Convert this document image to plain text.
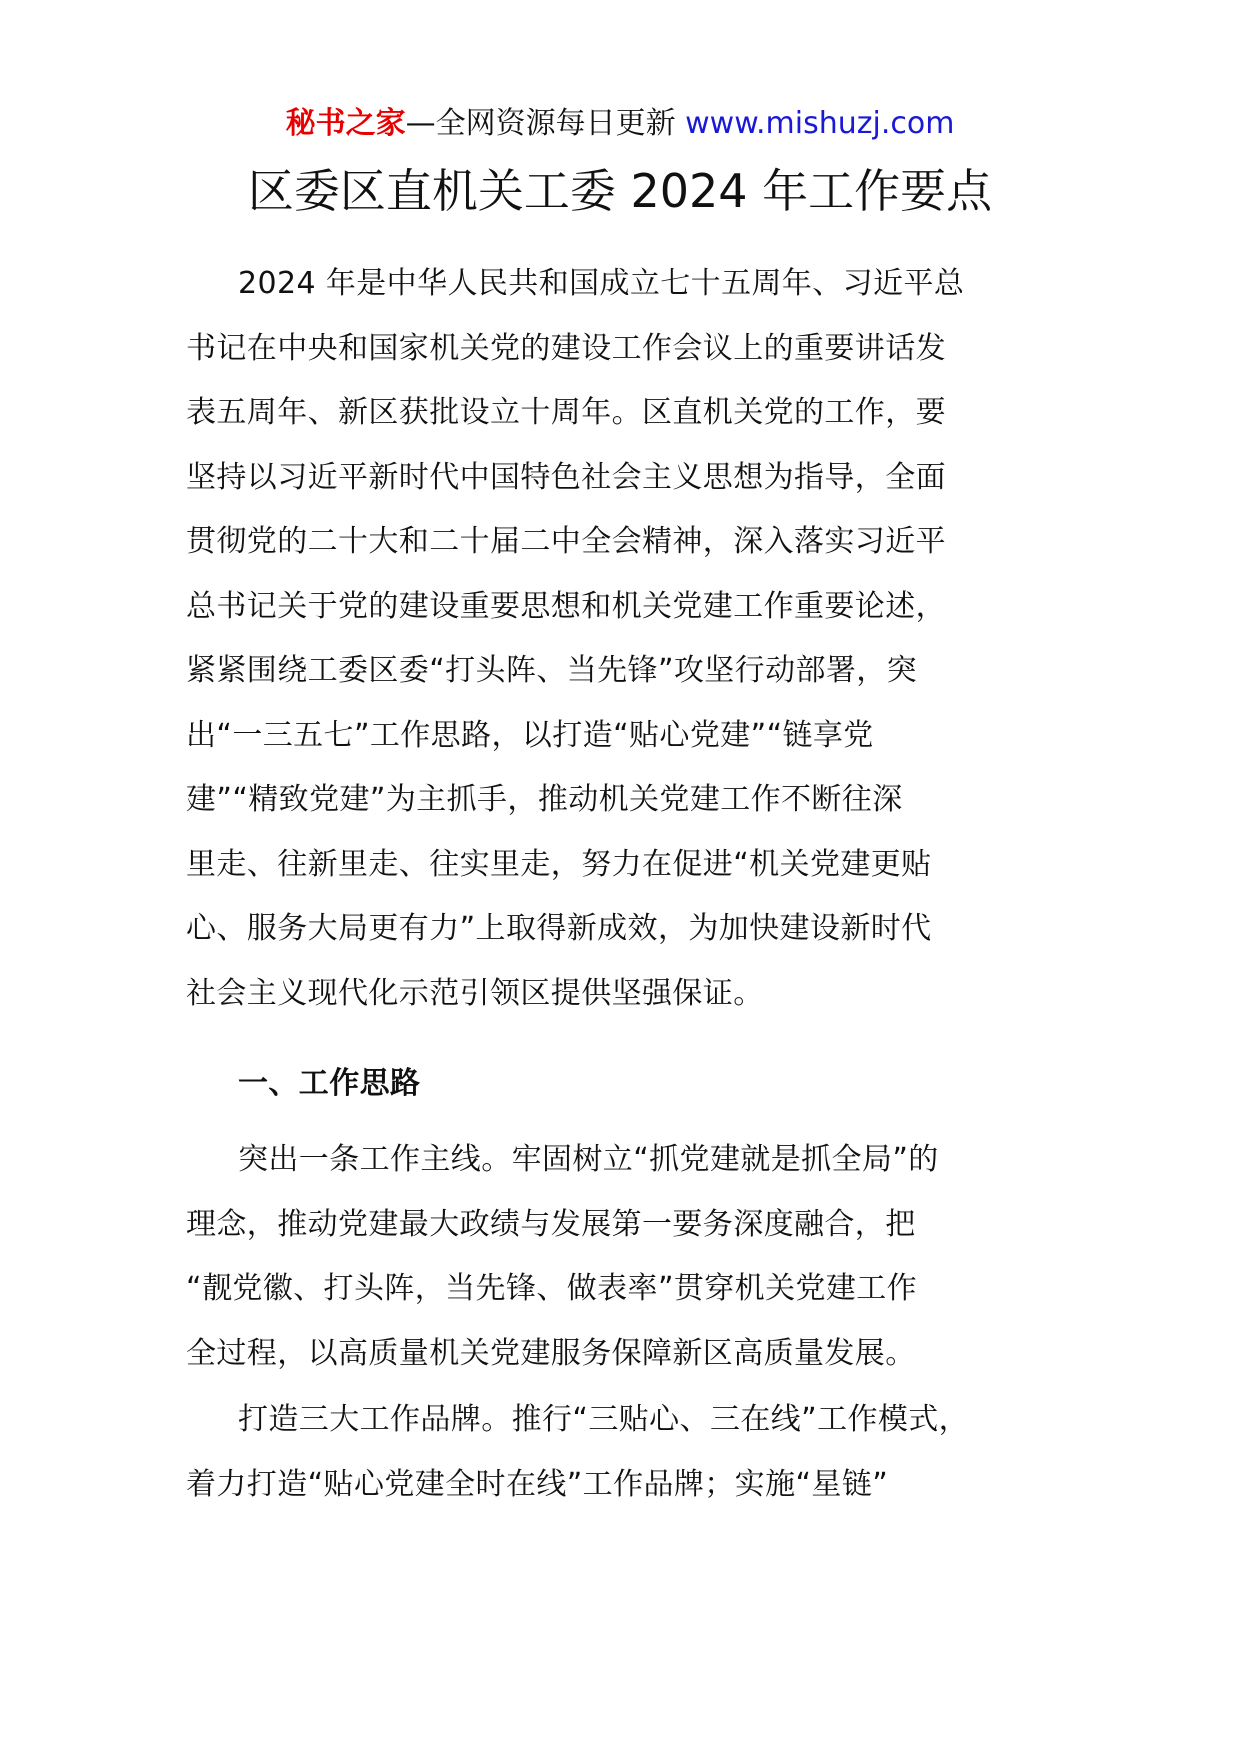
秘书之家—全网资源每日更新 www.mishuzj.com
区委区直机关工委 2024 年工作要点

2024 年是中华人民共和国成立七十五周年、习近平总
书记在中央和国家机关党的建设工作会议上的重要讲话发
表五周年、新区获批设立十周年。区直机关党的工作，要
坚持以习近平新时代中国特色社会主义思想为指导，全面
贯彻党的二十大和二十届二中全会精神，深入落实习近平
总书记关于党的建设重要思想和机关党建工作重要论述，
紧紧围绕工委区委“打头阵、当先锋”攻坚行动部署，突
出“一三五七”工作思路，以打造“贴心党建”“链享党
建”“精致党建”为主抓手，推动机关党建工作不断往深
里走、往新里走、往实里走，努力在促进“机关党建更贴
心、服务大局更有力”上取得新成效，为加快建设新时代
社会主义现代化示范引领区提供坚强保证。

一、工作思路

突出一条工作主线。牢固树立“抓党建就是抓全局”的
理念，推动党建最大政绩与发展第一要务深度融合，把
“靓党徽、打头阵，当先锋、做表率”贯穿机关党建工作
全过程，以高质量机关党建服务保障新区高质量发展。

打造三大工作品牌。推行“三贴心、三在线”工作模式，
着力打造“贴心党建全时在线”工作品牌；实施“星链”
